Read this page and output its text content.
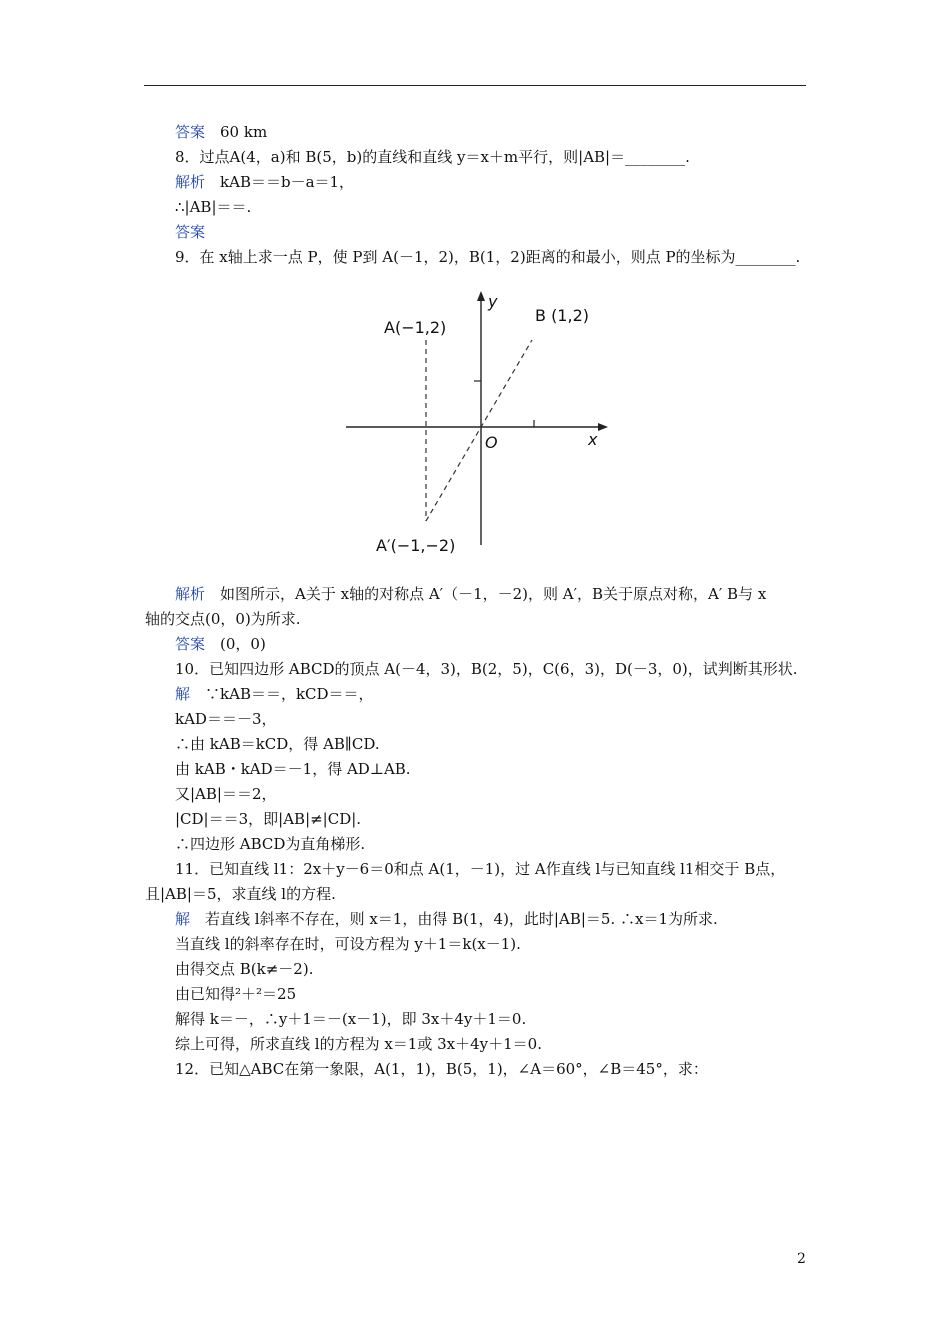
答案　60 km
8．过点A(4，a)和 B(5，b)的直线和直线 y＝x＋m平行，则|AB|＝________.
解析　kAB＝＝b－a＝1，
∴|AB|＝＝.
答案
9．在 x轴上求一点 P，使 P到 A(－1，2)，B(1，2)距离的和最小，则点 P的坐标为________.
A(−1,2)
B (1,2)
A′(−1,−2)
O	x
y
解析　如图所示，A关于 x轴的对称点 A′（－1，－2)，则 A′，B关于原点对称，A′ B与 x
轴的交点(0，0)为所求.
答案　(0，0)
10．已知四边形 ABCD的顶点 A(－4，3)，B(2，5)，C(6，3)，D(－3，0)，试判断其形状.
解　∵kAB＝＝，kCD＝＝，
kAD＝＝－3，
∴由 kAB＝kCD，得 AB∥CD.
由 kAB・kAD＝－1，得 AD⊥AB.
又|AB|＝＝2，
|CD|＝＝3，即|AB|≠|CD|.
∴四边形 ABCD为直角梯形.
11．已知直线 l1：2x＋y－6＝0和点 A(1，－1)，过 A作直线 l与已知直线 l1相交于 B点，
且|AB|＝5，求直线 l的方程.
解　若直线 l斜率不存在，则 x＝1，由得 B(1，4)，此时|AB|＝5. ∴x＝1为所求.
当直线 l的斜率存在时，可设方程为 y＋1＝k(x－1).
由得交点 B(k≠－2).
由已知得²＋²＝25
解得 k＝－，∴y＋1＝－(x－1)，即 3x＋4y＋1＝0.
综上可得，所求直线 l的方程为 x＝1或 3x＋4y＋1＝0.
12．已知△ABC在第一象限，A(1，1)，B(5，1)，∠A＝60°，∠B＝45°，求：
2
